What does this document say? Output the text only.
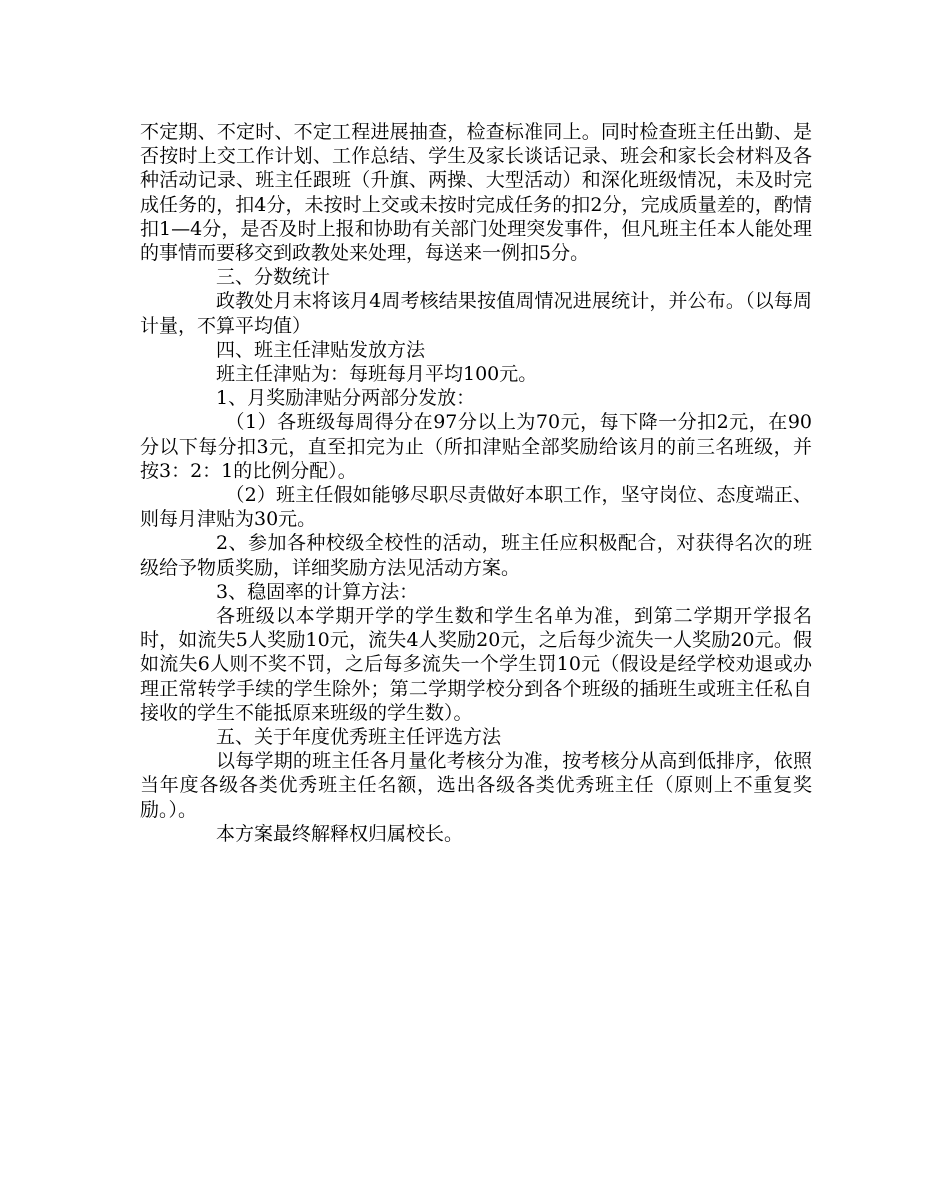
不定期、不定时、不定工程进展抽查，检查标准同上。同时检查班主任出勤、是否按时上交工作计划、工作总结、学生及家长谈话记录、班会和家长会材料及各种活动记录、班主任跟班（升旗、两操、大型活动）和深化班级情况，未及时完成任务的，扣4分，未按时上交或未按时完成任务的扣2分，完成质量差的，酌情扣1—4分，是否及时上报和协助有关部门处理突发事件，但凡班主任本人能处理的事情而要移交到政教处来处理，每送来一例扣5分。

三、分数统计

政教处月末将该月4周考核结果按值周情况进展统计，并公布。（以每周计量，不算平均值）

四、班主任津贴发放方法

班主任津贴为：每班每月平均100元。

1、月奖励津贴分两部分发放：

（1）各班级每周得分在97分以上为70元，每下降一分扣2元，在90分以下每分扣3元，直至扣完为止（所扣津贴全部奖励给该月的前三名班级，并按3：2：1的比例分配）。

（2）班主任假如能够尽职尽责做好本职工作，坚守岗位、态度端正、则每月津贴为30元。

2、参加各种校级全校性的活动，班主任应积极配合，对获得名次的班级给予物质奖励，详细奖励方法见活动方案。

3、稳固率的计算方法：

各班级以本学期开学的学生数和学生名单为准，到第二学期开学报名时，如流失5人奖励10元，流失4人奖励20元，之后每少流失一人奖励20元。假如流失6人则不奖不罚，之后每多流失一个学生罚10元（假设是经学校劝退或办理正常转学手续的学生除外；第二学期学校分到各个班级的插班生或班主任私自接收的学生不能抵原来班级的学生数）。

五、关于年度优秀班主任评选方法

以每学期的班主任各月量化考核分为准，按考核分从高到低排序，依照当年度各级各类优秀班主任名额，选出各级各类优秀班主任（原则上不重复奖励。）。

本方案最终解释权归属校长。
